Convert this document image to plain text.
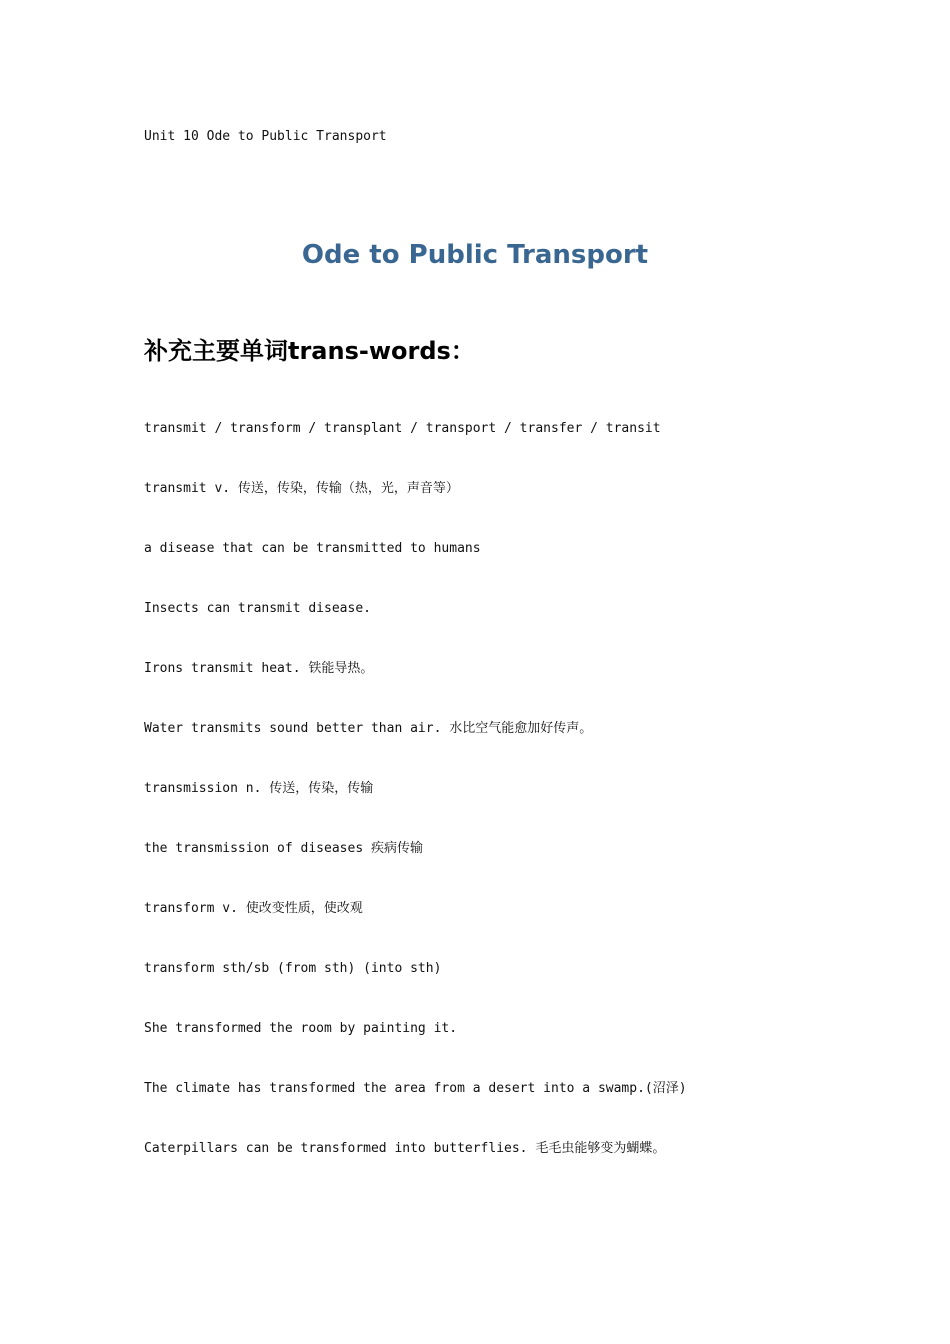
Unit 10 Ode to Public Transport

Ode to Public Transport
补充主要单词trans-words：

transmit / transform / transplant / transport / transfer / transit

transmit v. 传送，传染，传输（热，光，声音等）

a disease that can be transmitted to humans

Insects can transmit disease.

Irons transmit heat. 铁能导热。

Water transmits sound better than air. 水比空气能愈加好传声。

transmission n. 传送，传染，传输

the transmission of diseases 疾病传输

transform v. 使改变性质，使改观

transform sth/sb (from sth) (into sth)

She transformed the room by painting it.

The climate has transformed the area from a desert into a swamp.(沼泽)

Caterpillars can be transformed into butterflies. 毛毛虫能够变为蝴蝶。
